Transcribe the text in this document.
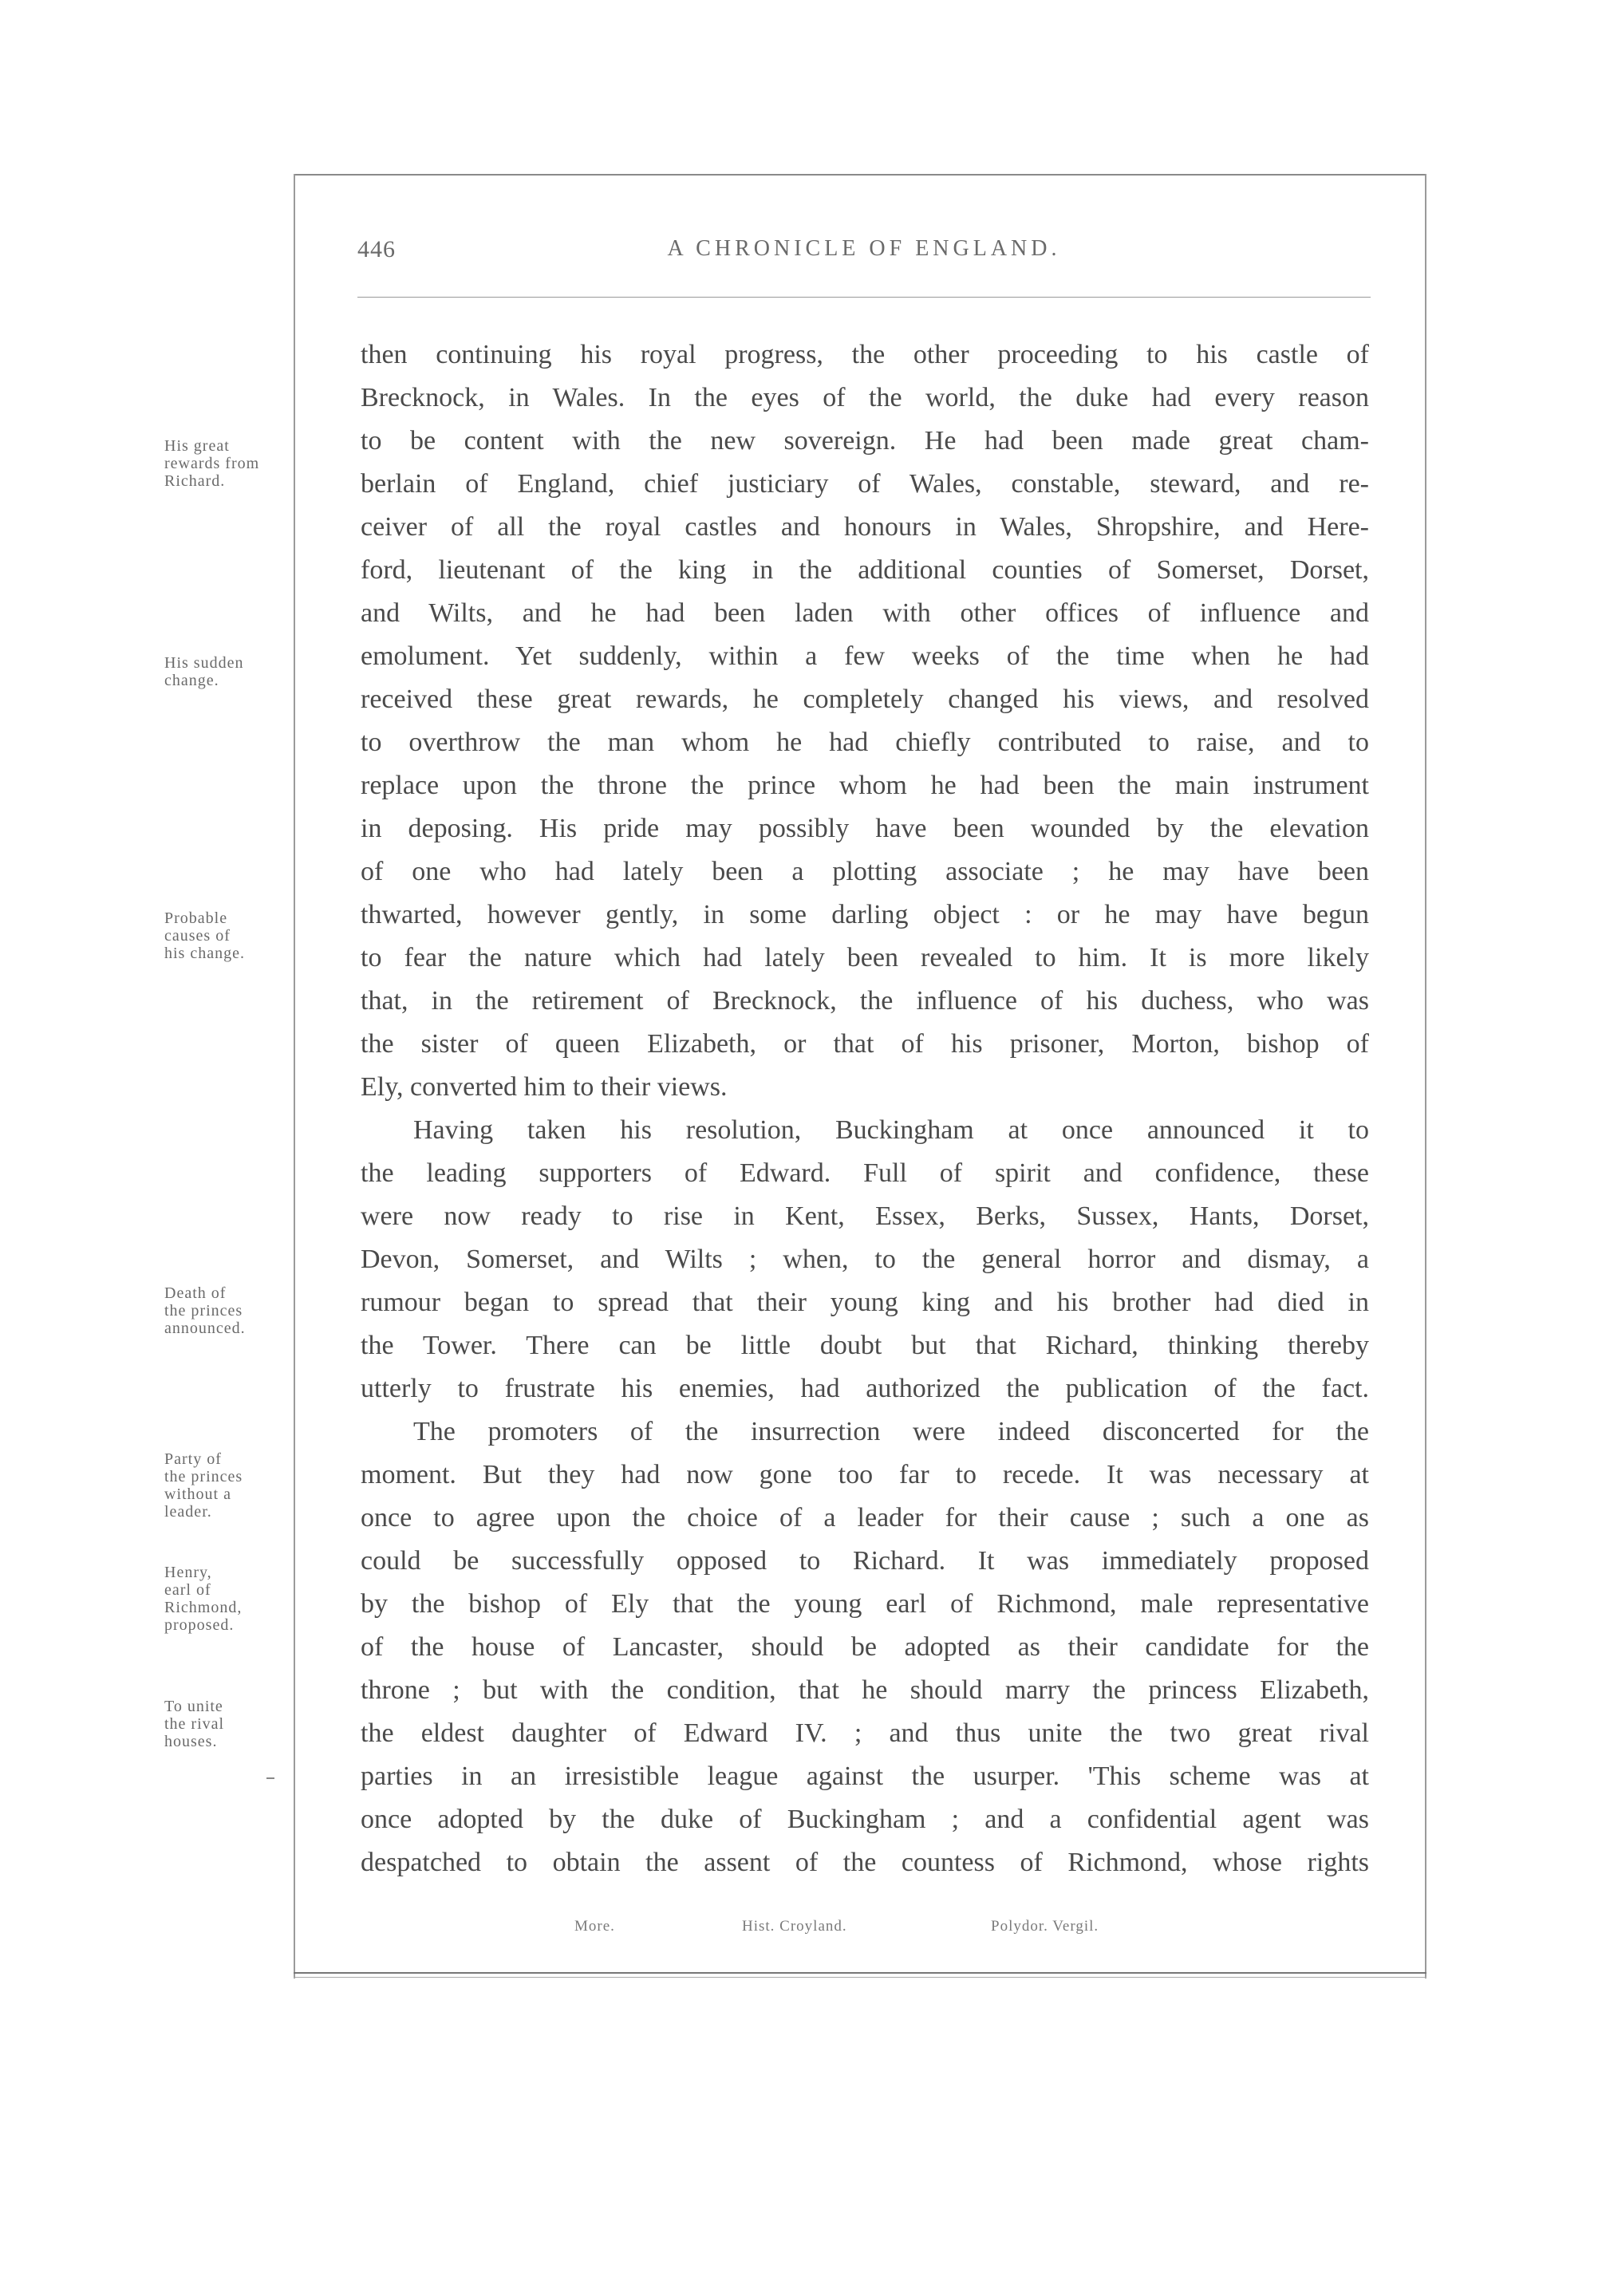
446	A CHRONICLE OF ENGLAND.
then continuing his royal progress, the other proceeding to his castle of
Brecknock, in Wales. In the eyes of the world, the duke had every reason
to be content with the new sovereign. He had been made great cham-
berlain of England, chief justiciary of Wales, constable, steward, and re-
ceiver of all the royal castles and honours in Wales, Shropshire, and Here-
ford, lieutenant of the king in the additional counties of Somerset, Dorset,
and Wilts, and he had been laden with other offices of influence and
emolument. Yet suddenly, within a few weeks of the time when he had
received these great rewards, he completely changed his views, and resolved
to overthrow the man whom he had chiefly contributed to raise, and to
replace upon the throne the prince whom he had been the main instrument
in deposing. His pride may possibly have been wounded by the elevation
of one who had lately been a plotting associate ; he may have been
thwarted, however gently, in some darling object : or he may have begun
to fear the nature which had lately been revealed to him. It is more likely
that, in the retirement of Brecknock, the influence of his duchess, who was
the sister of queen Elizabeth, or that of his prisoner, Morton, bishop of
Ely, converted him to their views.
Having taken his resolution, Buckingham at once announced it to
the leading supporters of Edward. Full of spirit and confidence, these
were now ready to rise in Kent, Essex, Berks, Sussex, Hants, Dorset,
Devon, Somerset, and Wilts ; when, to the general horror and dismay, a
rumour began to spread that their young king and his brother had died in
the Tower. There can be little doubt but that Richard, thinking thereby
utterly to frustrate his enemies, had authorized the publication of the fact.
The promoters of the insurrection were indeed disconcerted for the
moment. But they had now gone too far to recede. It was necessary at
once to agree upon the choice of a leader for their cause ; such a one as
could be successfully opposed to Richard. It was immediately proposed
by the bishop of Ely that the young earl of Richmond, male representative
of the house of Lancaster, should be adopted as their candidate for the
throne ; but with the condition, that he should marry the princess Elizabeth,
the eldest daughter of Edward IV. ; and thus unite the two great rival
parties in an irresistible league against the usurper. 'This scheme was at
once adopted by the duke of Buckingham ; and a confidential agent was
despatched to obtain the assent of the countess of Richmond, whose rights
His great
rewards from
Richard.
His sudden
change.
Probable
causes of
his change.
Death of
the princes
announced.
Party of
the princes
without a
leader.
Henry,
earl of
Richmond,
proposed.
To unite
the rival
houses.
More.	Hist. Croyland.	Polydor. Vergil.
